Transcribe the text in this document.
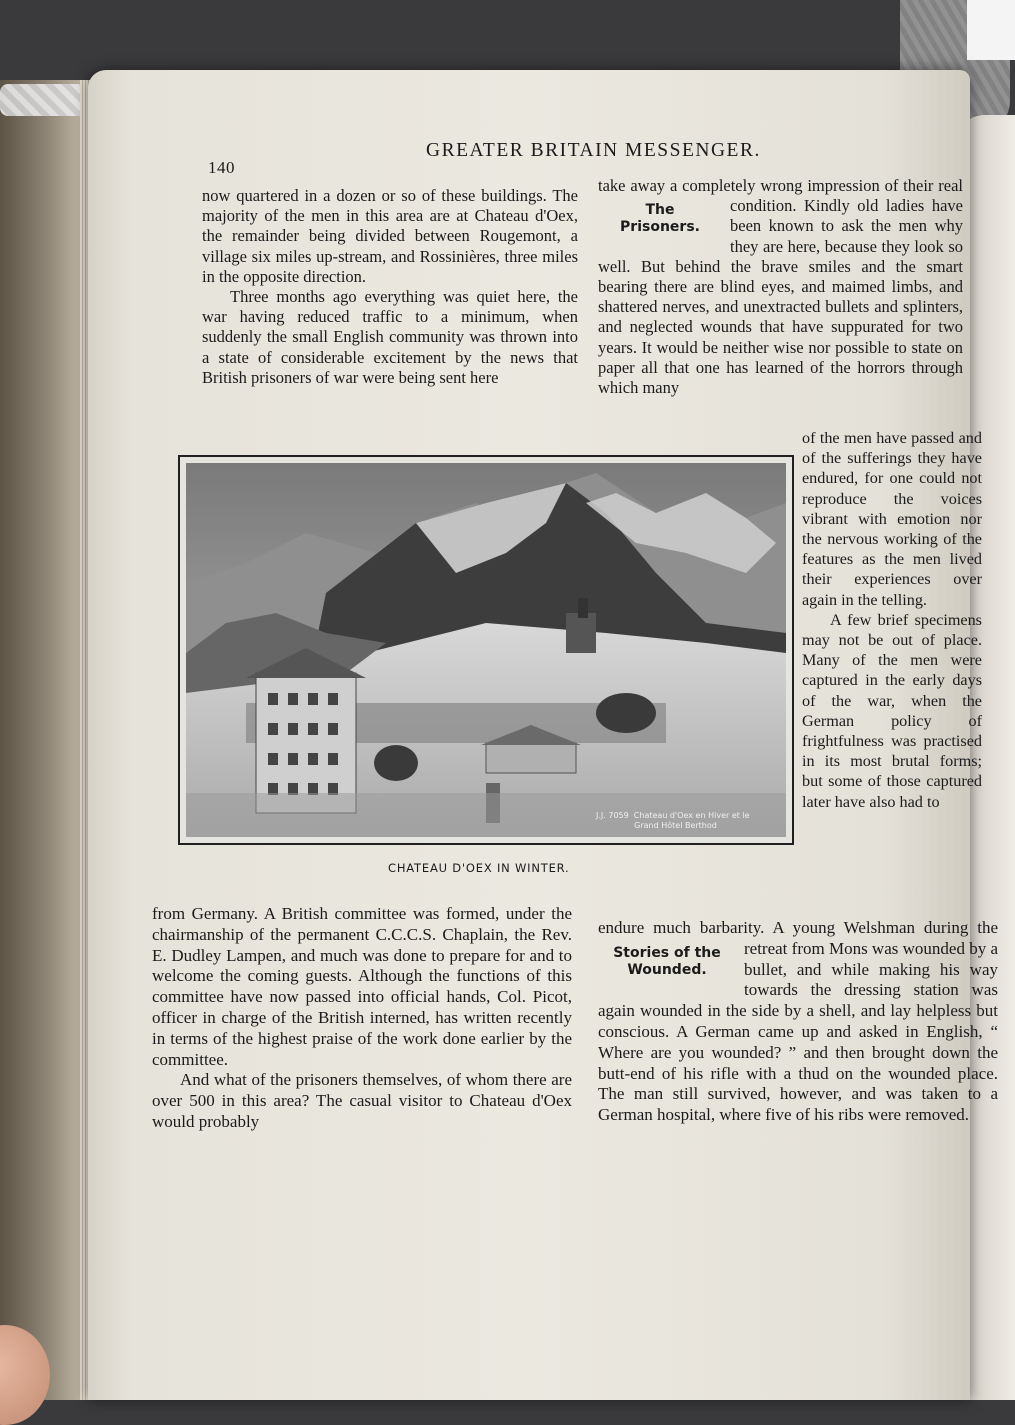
140
GREATER BRITAIN MESSENGER.

now quartered in a dozen or so of these buildings. The majority of the men in this area are at Chateau d'Oex, the remainder being divided between Rougemont, a village six miles up-stream, and Rossinières, three miles in the opposite direction.

Three months ago everything was quiet here, the war having reduced traffic to a minimum, when suddenly the small English community was thrown into a state of considerable excitement by the news that British prisoners of war were being sent here

take away a completely wrong impression of their real condition. Kindly old ladies have
The
Prisoners.	been known to ask the men why they are here, because they look so well. But behind the brave smiles and the smart bearing there are blind eyes, and maimed limbs, and shattered nerves, and unextracted bullets and splinters, and neglected wounds that have suppurated for two years. It would be neither wise nor possible to state on paper all that one has learned of the horrors through which many

J.J. 7059  Chateau d'Oex en Hiver et le
Grand Hôtel Berthod
CHATEAU D'OEX IN WINTER.

of the men have passed and of the sufferings they have endured, for one could not reproduce the voices vibrant with emotion nor the nervous working of the features as the men lived their experiences over again in the telling.

A few brief specimens may not be out of place. Many of the men were captured in the early days of the war, when the German policy of frightfulness was practised in its most brutal forms; but some of those captured later have also had to

from Germany. A British committee was formed, under the chairmanship of the permanent C.C.C.S. Chaplain, the Rev. E. Dudley Lampen, and much was done to prepare for and to welcome the coming guests. Although the functions of this committee have now passed into official hands, Col. Picot, officer in charge of the British interned, has written recently in terms of the highest praise of the work done earlier by the committee.

And what of the prisoners themselves, of whom there are over 500 in this area? The casual visitor to Chateau d'Oex would probably

endure much barbarity. A young Welshman during the retreat from Mons was wounded
Stories of the
Wounded.
by a bullet, and while making his way towards the dressing station was again wounded in the side by a shell, and lay helpless but conscious. A German came up and asked in English, “ Where are you wounded? ” and then brought down the butt-end of his rifle with a thud on the wounded place. The man still survived, however, and was taken to a German hospital, where five of his ribs were removed.
